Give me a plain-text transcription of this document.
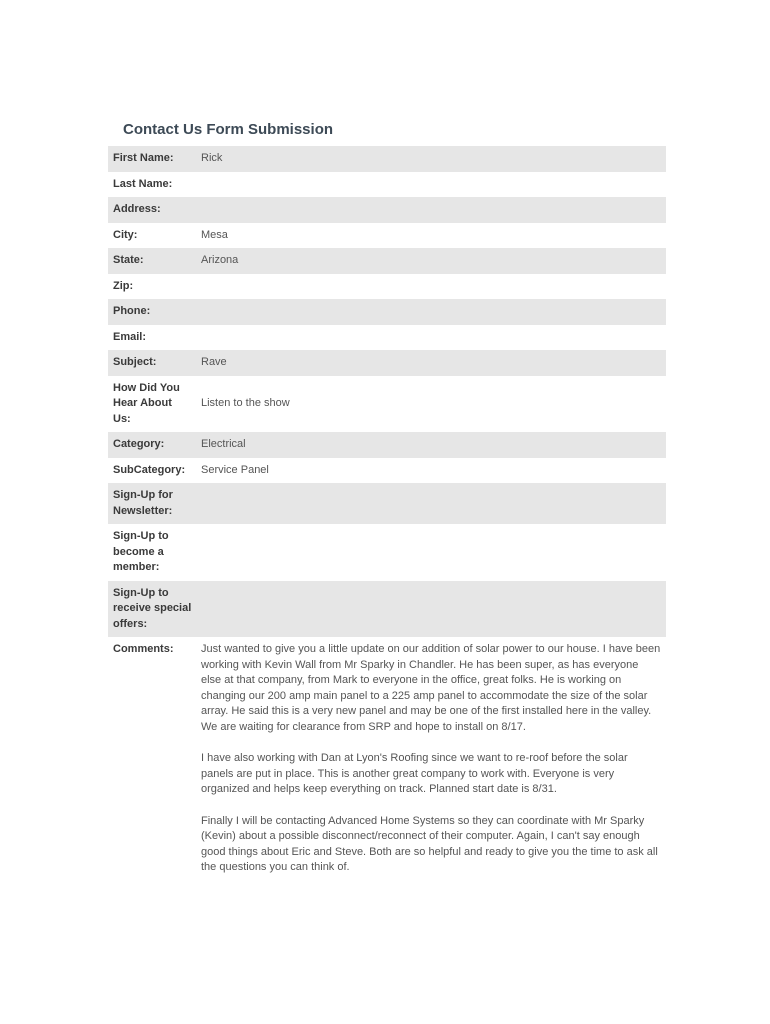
Contact Us Form Submission
First Name:	Rick
Last Name:	
Address:	
City:	Mesa
State:	Arizona
Zip:	
Phone:	
Email:	
Subject:	Rave
How Did You Hear About Us:	Listen to the show
Category:	Electrical
SubCategory:	Service Panel
Sign-Up for Newsletter:	
Sign-Up to become a member:	
Sign-Up to receive special offers:	
Comments:	Just wanted to give you a little update on our addition of solar power to our house. I have been working with Kevin Wall from Mr Sparky in Chandler. He has been super, as has everyone else at that company, from Mark to everyone in the office, great folks. He is working on changing our 200 amp main panel to a 225 amp panel to accommodate the size of the solar array. He said this is a very new panel and may be one of the first installed here in the valley. We are waiting for clearance from SRP and hope to install on 8/17.

I have also working with Dan at Lyon's Roofing since we want to re-roof before the solar panels are put in place. This is another great company to work with. Everyone is very organized and helps keep everything on track. Planned start date is 8/31.

Finally I will be contacting Advanced Home Systems so they can coordinate with Mr Sparky (Kevin) about a possible disconnect/reconnect of their computer. Again, I can't say enough good things about Eric and Steve. Both are so helpful and ready to give you the time to ask all the questions you can think of.
